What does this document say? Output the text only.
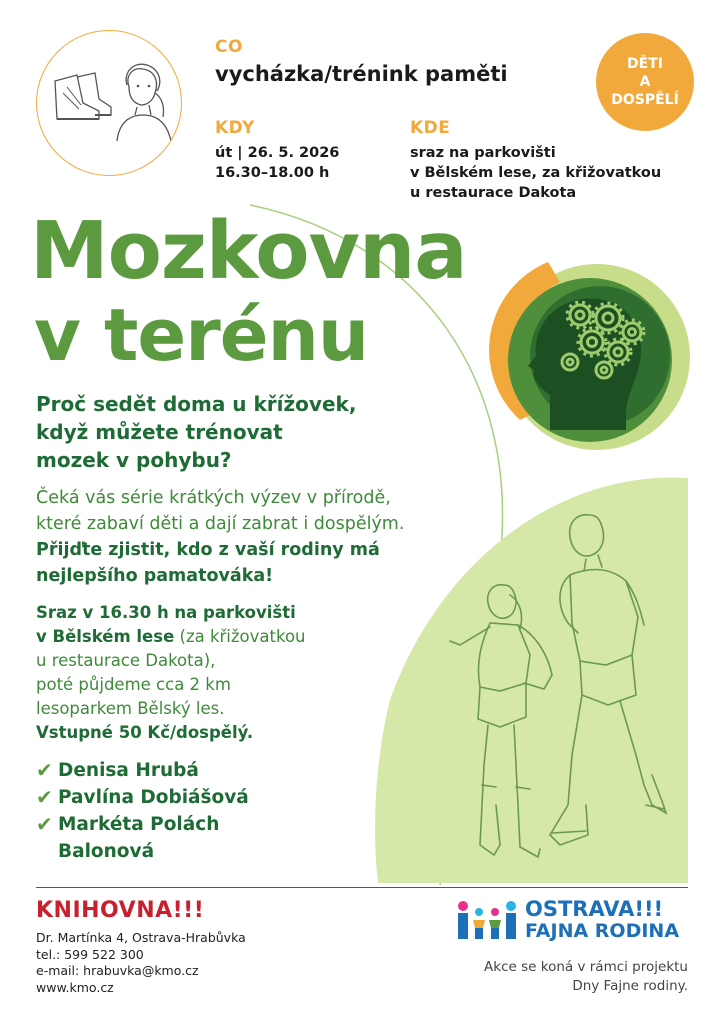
CO
vycházka/trénink paměti
KDY
út | 26. 5. 2026
16.30–18.00 h
KDE
sraz na parkovišti
v Bělském lese, za křižovatkou
u restaurace Dakota
DĚTI
A
DOSPĚLÍ
Mozkovna
v terénu
Proč sedět doma u křížovek,
když můžete trénovat
mozek v pohybu?
Čeká vás série krátkých výzev v přírodě,
které zabaví děti a dají zabrat i dospělým.
Přijďte zjistit, kdo z vaší rodiny má
nejlepšího pamatováka!
Sraz v 16.30 h na parkovišti
v Bělském lese (za křižovatkou
u restaurace Dakota),
poté půjdeme cca 2 km
lesoparkem Bělský les.
Vstupné 50 Kč/dospělý.
✔ Denisa Hrubá
✔ Pavlína Dobiášová
✔ Markéta Polách Balonová
KNIHOVNA!!!
Dr. Martínka 4, Ostrava-Hrabůvka
tel.: 599 522 300
e-mail: hrabuvka@kmo.cz
www.kmo.cz
OSTRAVA!!!
FAJNA RODINA
Akce se koná v rámci projektu
Dny Fajne rodiny.
